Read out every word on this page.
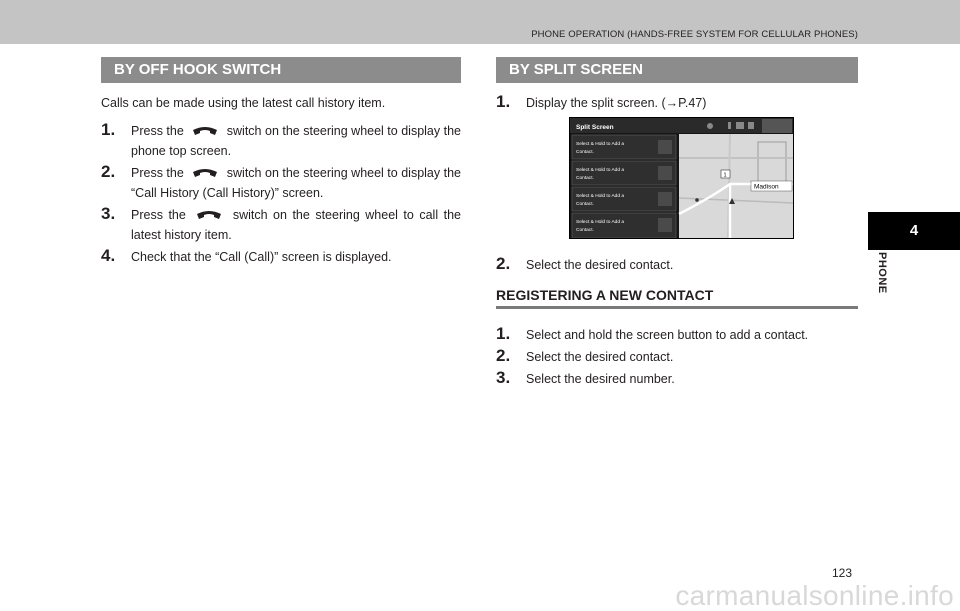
PHONE OPERATION (HANDS-FREE SYSTEM FOR CELLULAR PHONES)
BY OFF HOOK SWITCH

Calls can be made using the latest call history item.

1. Press the	switch on the steering wheel to display the phone top screen.
2. Press the	switch on the steering wheel to display the “Call History (Call History)” screen.
3. Press the	switch on the steering wheel to call the latest history item.
4. Check that the “Call (Call)” screen is displayed.
BY SPLIT SCREEN
1. Display the split screen. (→P.47)
Split Screen
Select & Hold to Add a
Contact.
Select & Hold to Add a
Contact.
Select & Hold to Add a
Contact.
Select & Hold to Add a
Contact.
1
Madison
2. Select the desired contact.
REGISTERING A NEW CONTACT
1. Select and hold the screen button to add a contact.
2. Select the desired contact.
3. Select the desired number.
4
PHONE
123
carmanualsonline.info
